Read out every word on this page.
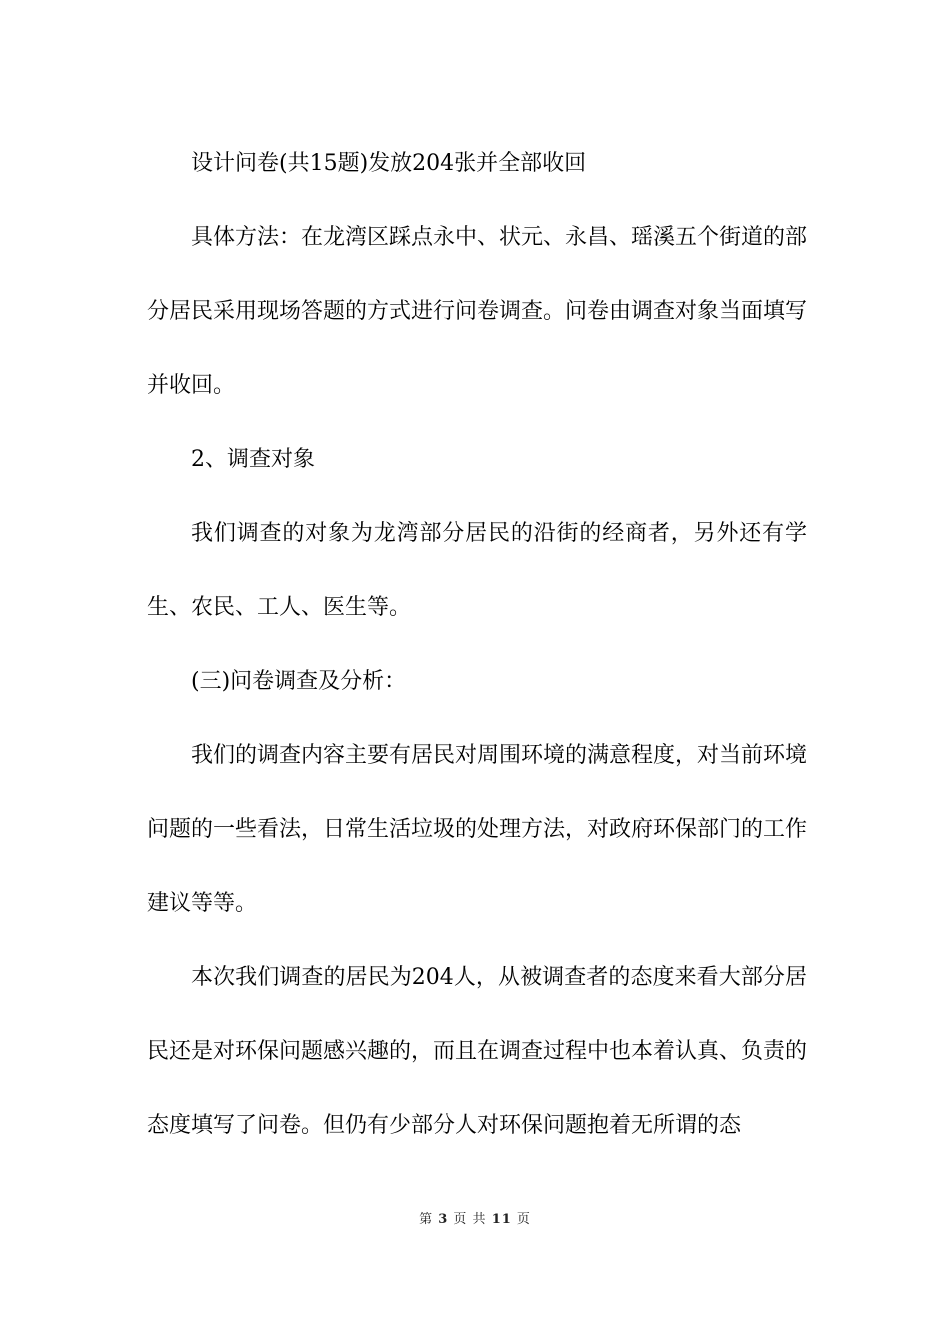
设计问卷(共15题)发放204张并全部收回

具体方法：在龙湾区踩点永中、状元、永昌、瑶溪五个街道的部分居民采用现场答题的方式进行问卷调查。问卷由调查对象当面填写并收回。

2、调查对象

我们调查的对象为龙湾部分居民的沿街的经商者，另外还有学生、农民、工人、医生等。

(三)问卷调查及分析：

我们的调查内容主要有居民对周围环境的满意程度，对当前环境问题的一些看法，日常生活垃圾的处理方法，对政府环保部门的工作建议等等。

本次我们调查的居民为204人，从被调查者的态度来看大部分居民还是对环保问题感兴趣的，而且在调查过程中也本着认真、负责的态度填写了问卷。但仍有少部分人对环保问题抱着无所谓的态

第 3 页 共 11 页
